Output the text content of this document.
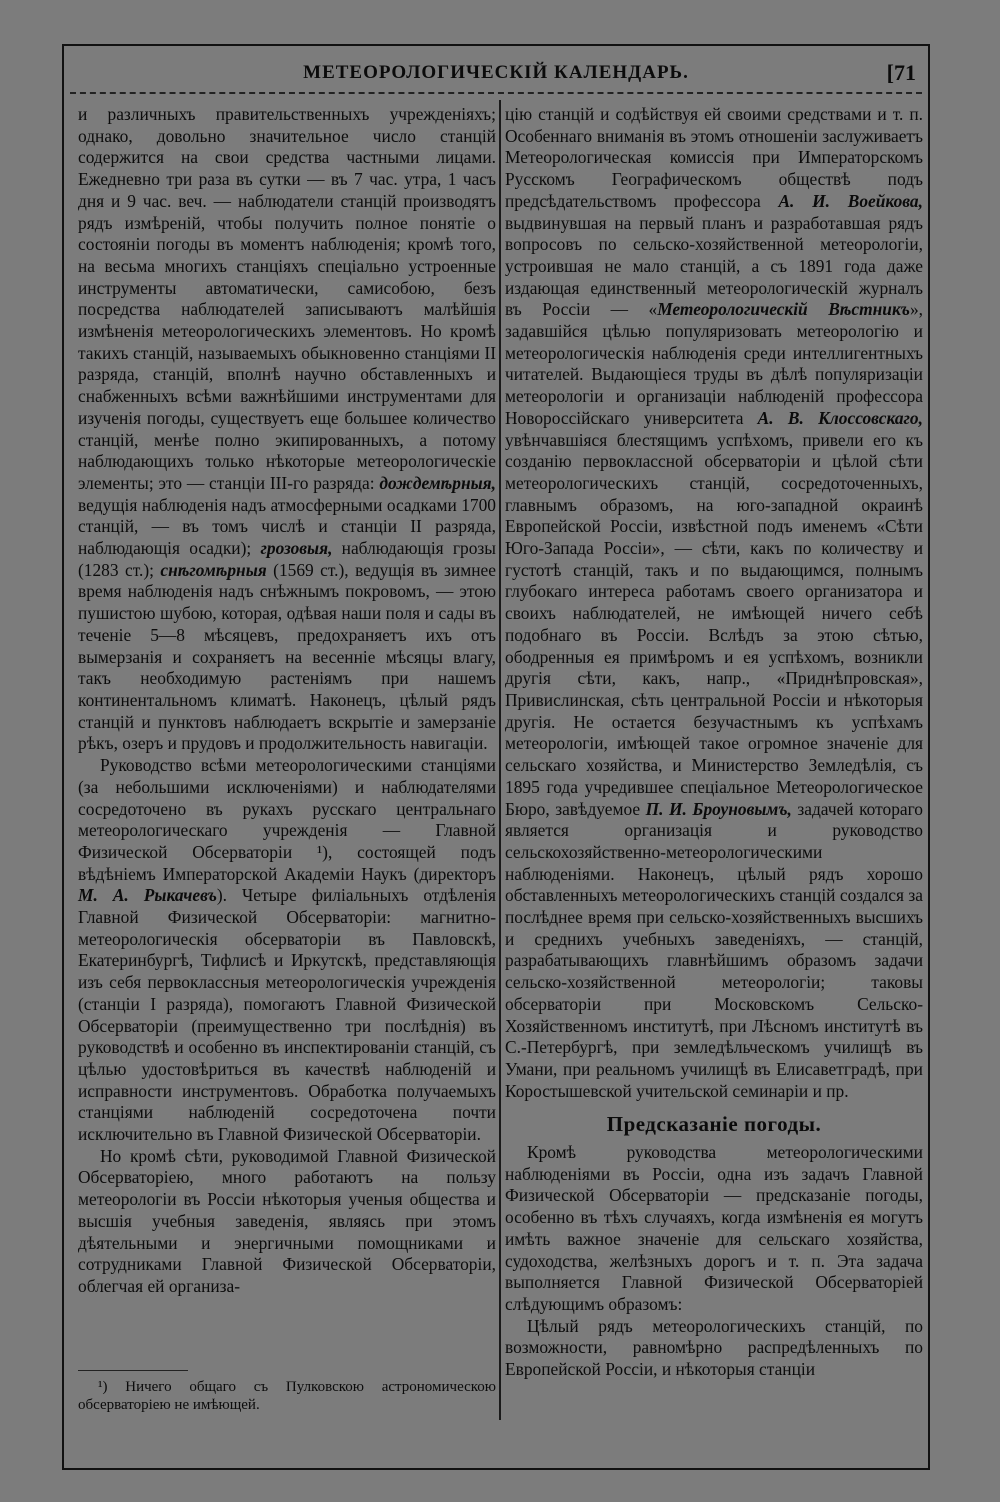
МЕТЕОРОЛОГИЧЕСКІЙ КАЛЕНДАРЬ.	[71

и различныхъ правительственныхъ учрежденіяхъ; однако, довольно значительное число станцій содержится на свои средства частными лицами. Ежедневно три раза въ сутки — въ 7 час. утра, 1 часъ дня и 9 час. веч. — наблюдатели станцій производятъ рядъ измѣреній, чтобы получить полное понятіе о состояніи погоды въ моментъ наблюденія; кромѣ того, на весьма многихъ станціяхъ спеціально устроенные инструменты автоматически, самисобою, безъ посредства наблюдателей записываютъ малѣйшія измѣненія метеорологическихъ элементовъ. Но кромѣ такихъ станцій, называемыхъ обыкновенно станціями II разряда, станцій, вполнѣ научно обставленныхъ и снабженныхъ всѣми важнѣйшими инструментами для изученія погоды, существуетъ еще большее количество станцій, менѣе полно экипированныхъ, а потому наблюдающихъ только нѣкоторые метеорологическіе элементы; это — станціи III-го разряда: дождемѣрныя, ведущія наблюденія надъ атмосферными осадками 1700 станцій, — въ томъ числѣ и станціи II разряда, наблюдающія осадки); грозовыя, наблюдающія грозы (1283 ст.); снѣгомѣрныя (1569 ст.), ведущія въ зимнее время наблюденія надъ снѣжнымъ покровомъ, — этою пушистою шубою, которая, одѣвая наши поля и сады въ теченіе 5—8 мѣсяцевъ, предохраняетъ ихъ отъ вымерзанія и сохраняетъ на весенніе мѣсяцы влагу, такъ необходимую растеніямъ при нашемъ континентальномъ климатѣ. Наконецъ, цѣлый рядъ станцій и пунктовъ наблюдаетъ вскрытіе и замерзаніе рѣкъ, озеръ и прудовъ и продолжительность навигаціи.

Руководство всѣми метеорологическими станціями (за небольшими исключеніями) и наблюдателями сосредоточено въ рукахъ русскаго центральнаго метеорологическаго учрежденія — Главной Физической Обсерваторіи ¹), состоящей подъ вѣдѣніемъ Императорской Академіи Наукъ (директоръ М. А. Рыкачевъ). Четыре филіальныхъ отдѣленія Главной Физической Обсерваторіи: магнитно-метеорологическія обсерваторіи въ Павловскѣ, Екатеринбургѣ, Тифлисѣ и Иркутскѣ, представляющія изъ себя первоклассныя метеорологическія учрежденія (станціи I разряда), помогаютъ Главной Физической Обсерваторіи (преимущественно три послѣднія) въ руководствѣ и особенно въ инспектированіи станцій, съ цѣлью удостовѣриться въ качествѣ наблюденій и исправности инструментовъ. Обработка получаемыхъ станціями наблюденій сосредоточена почти исключительно въ Главной Физической Обсерваторіи.

Но кромѣ сѣти, руководимой Главной Физической Обсерваторіею, много работаютъ на пользу метеорологіи въ Россіи нѣкоторыя ученыя общества и высшія учебныя заведенія, являясь при этомъ дѣятельными и энергичными помощниками и сотрудниками Главной Физической Обсерваторіи, облегчая ей организа-

¹) Ничего общаго съ Пулковскою астрономическою обсерваторіею не имѣющей.

цію станцій и содѣйствуя ей своими средствами и т. п. Особеннаго вниманія въ этомъ отношеніи заслуживаетъ Метеорологическая комиссія при Императорскомъ Русскомъ Географическомъ обществѣ подъ предсѣдательствомъ профессора А. И. Воейкова, выдвинувшая на первый планъ и разработавшая рядъ вопросовъ по сельско-хозяйственной метеорологіи, устроившая не мало станцій, а съ 1891 года даже издающая единственный метеорологическій журналъ въ Россіи — «Метеорологическій Вѣстникъ», задавшійся цѣлью популяризовать метеорологію и метеорологическія наблюденія среди интеллигентныхъ читателей. Выдающіеся труды въ дѣлѣ популяризаціи метеорологіи и организаціи наблюденій профессора Новороссійскаго университета А. В. Клоссовскаго, увѣнчавшіяся блестящимъ успѣхомъ, привели его къ созданію первоклассной обсерваторіи и цѣлой сѣти метеорологическихъ станцій, сосредоточенныхъ, главнымъ образомъ, на юго-западной окраинѣ Европейской Россіи, извѣстной подъ именемъ «Сѣти Юго-Запада Россіи», — сѣти, какъ по количеству и густотѣ станцій, такъ и по выдающимся, полнымъ глубокаго интереса работамъ своего организатора и своихъ наблюдателей, не имѣющей ничего себѣ подобнаго въ Россіи. Вслѣдъ за этою сѣтью, ободренныя ея примѣромъ и ея успѣхомъ, возникли другія сѣти, какъ, напр., «Приднѣпровская», Привислинская, сѣть центральной Россіи и нѣкоторыя другія. Не остается безучастнымъ къ успѣхамъ метеорологіи, имѣющей такое огромное значеніе для сельскаго хозяйства, и Министерство Земледѣлія, съ 1895 года учредившее спеціальное Метеорологическое Бюро, завѣдуемое П. И. Броуновымъ, задачей котораго является организація и руководство сельскохозяйственно-метеорологическими наблюденіями. Наконецъ, цѣлый рядъ хорошо обставленныхъ метеорологическихъ станцій создался за послѣднее время при сельско-хозяйственныхъ высшихъ и среднихъ учебныхъ заведеніяхъ, — станцій, разрабатывающихъ главнѣйшимъ образомъ задачи сельско-хозяйственной метеорологіи; таковы обсерваторіи при Московскомъ Сельско-Хозяйственномъ институтѣ, при Лѣсномъ институтѣ въ С.-Петербургѣ, при земледѣльческомъ училищѣ въ Умани, при реальномъ училищѣ въ Елисаветградѣ, при Коростышевской учительской семинаріи и пр.

Предсказаніе погоды.

Кромѣ руководства метеорологическими наблюденіями въ Россіи, одна изъ задачъ Главной Физической Обсерваторіи — предсказаніе погоды, особенно въ тѣхъ случаяхъ, когда измѣненія ея могутъ имѣть важное значеніе для сельскаго хозяйства, судоходства, желѣзныхъ дорогъ и т. п. Эта задача выполняется Главной Физической Обсерваторіей слѣдующимъ образомъ:

Цѣлый рядъ метеорологическихъ станцій, по возможности, равномѣрно распредѣленныхъ по Европейской Россіи, и нѣкоторыя станціи
